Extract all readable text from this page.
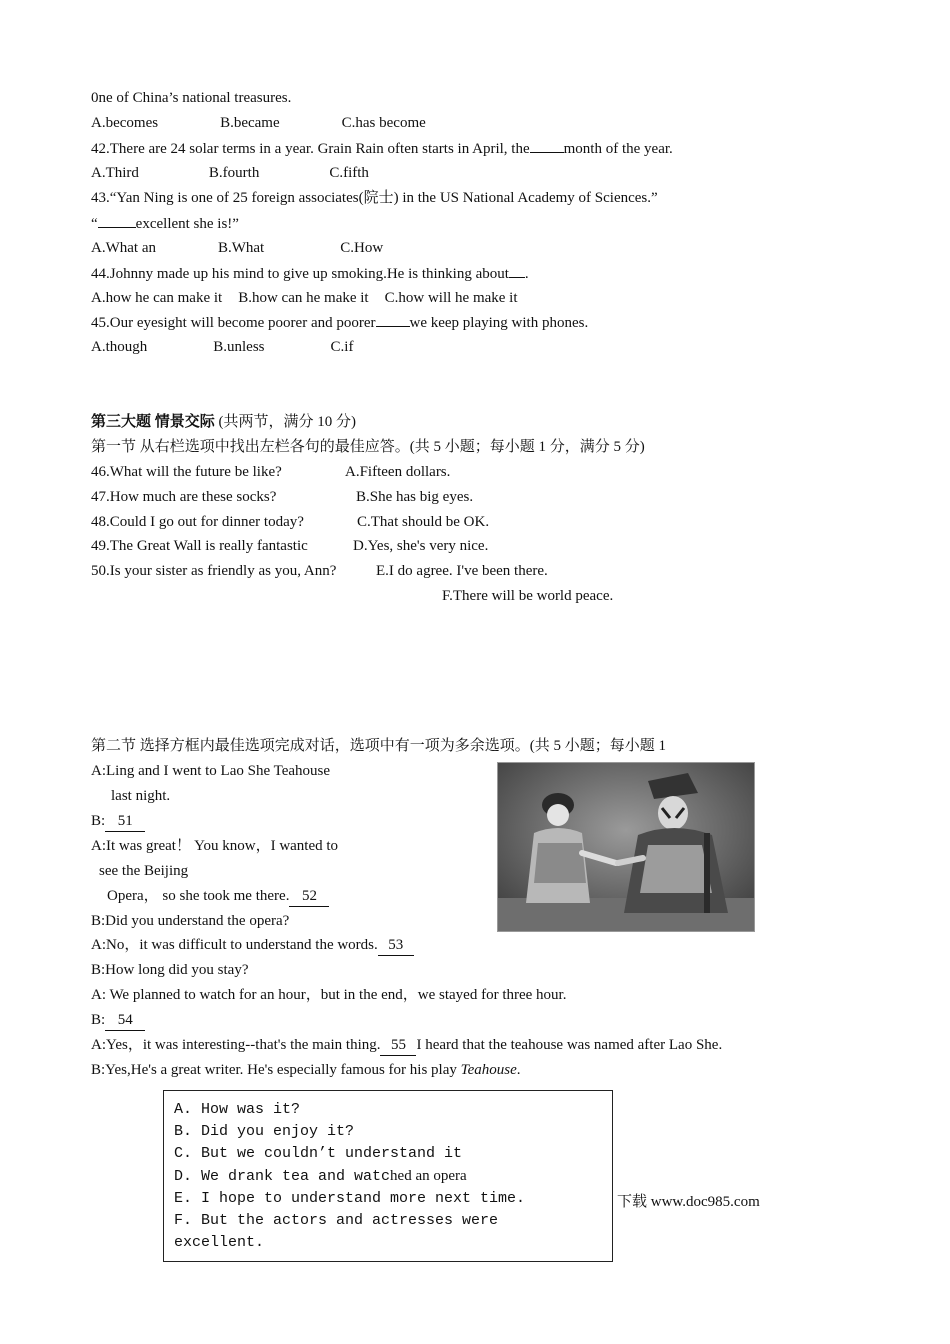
0ne of China’s national treasures.
A.becomes	B.became	C.has become
42.There are 24 solar terms in a year. Grain Rain often starts in April, the month of the year.
A.Third	B.fourth	C.fifth
43.“Yan Ning is one of 25 foreign associates(院士) in the US National Academy of Sciences.”
“	excellent she is!”
A.What an	B.What	C.How
44.Johnny made up his mind to give up smoking.He is thinking about .
A.how he can make it B.how can he make it C.how will he make it
45.Our eyesight will become poorer and poorer we keep playing with phones.
A.though	B.unless	C.if
第三大题 情景交际 (共两节，满分 10 分)
第一节 从右栏选项中找出左栏各句的最佳应答。(共 5 小题；每小题 1 分，满分 5 分)
46.What will the future be like?	A.Fifteen dollars.
47.How much are these socks?	B.She has big eyes.
48.Could I go out for dinner today?	C.That should be OK.
49.The Great Wall is really fantastic	D.Yes, she's very nice.
50.Is your sister as friendly as you, Ann?	E.I do agree. I've been there.
F.There will be world peace.
第二节 选择方框内最佳选项完成对话，选项中有一项为多余选项。(共 5 小题；每小题 1
A:Ling and I went to Lao She Teahouse
last night.
B: 51
A:It was great！ You know，I wanted to
see the Beijing
Opera， so she took me there. 52
B:Did you understand the opera?
A:No，it was difficult to understand the words. 53
B:How long did you stay?
A: We planned to watch for an hour，but in the end，we stayed for three hour.
B: 54
A:Yes，it was interesting--that's the main thing. 55 I heard that the teahouse was named after Lao She.
B:Yes,He's a great writer. He's especially famous for his play Teahouse.
A. How was it?
B. Did you enjoy it?
C. But we couldn’t understand it
D. We drank tea and watched an opera
E. I hope to understand more next time.
F. But the actors and actresses were
excellent.
下载 www.doc985.com
